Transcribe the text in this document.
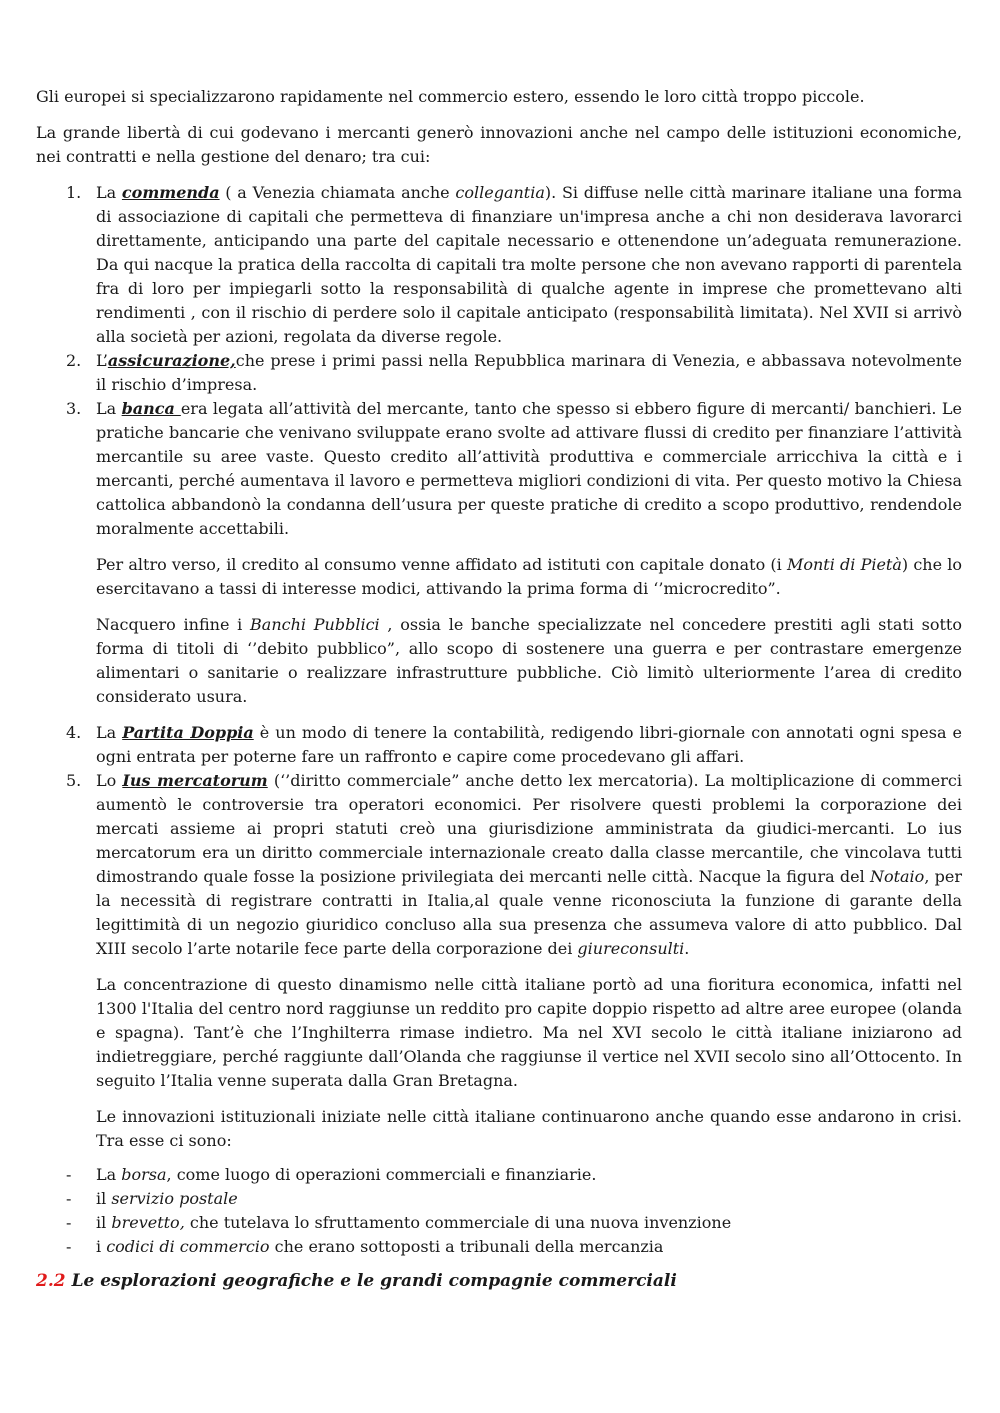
Gli europei si specializzarono rapidamente nel commercio estero, essendo le loro città troppo piccole.

La grande libertà di cui godevano i mercanti generò innovazioni anche nel campo delle istituzioni economiche, nei contratti e nella gestione del denaro; tra cui:

1. La commenda ( a Venezia chiamata anche collegantia). Si diffuse nelle città marinare italiane una forma di associazione di capitali che permetteva di finanziare un'impresa anche a chi non desiderava lavorarci direttamente, anticipando una parte del capitale necessario e ottenendone un’adeguata remunerazione. Da qui nacque la pratica della raccolta di capitali tra molte persone che non avevano rapporti di parentela fra di loro per impiegarli sotto la responsabilità di qualche agente in imprese che promettevano alti rendimenti , con il rischio di perdere solo il capitale anticipato (responsabilità limitata). Nel XVII si arrivò alla società per azioni, regolata da diverse regole.
2. L’assicurazione,che prese i primi passi nella Repubblica marinara di Venezia, e abbassava notevolmente il rischio d’impresa.
3. La banca era legata all’attività del mercante, tanto che spesso si ebbero figure di mercanti/ banchieri. Le pratiche bancarie che venivano sviluppate erano svolte ad attivare flussi di credito per finanziare l’attività mercantile su aree vaste. Questo credito all’attività produttiva e commerciale arricchiva la città e i mercanti, perché aumentava il lavoro e permetteva migliori condizioni di vita. Per questo motivo la Chiesa cattolica abbandonò la condanna dell’usura per queste pratiche di credito a scopo produttivo, rendendole moralmente accettabili.

Per altro verso, il credito al consumo venne affidato ad istituti con capitale donato (i Monti di Pietà) che lo esercitavano a tassi di interesse modici, attivando la prima forma di ‘’microcredito”.

Nacquero infine i Banchi Pubblici , ossia le banche specializzate nel concedere prestiti agli stati sotto forma di titoli di ‘’debito pubblico”, allo scopo di sostenere una guerra e per contrastare emergenze alimentari o sanitarie o realizzare infrastrutture pubbliche. Ciò limitò ulteriormente l’area di credito considerato usura.

4. La Partita Doppia è un modo di tenere la contabilità, redigendo libri-giornale con annotati ogni spesa e ogni entrata per poterne fare un raffronto e capire come procedevano gli affari.
5. Lo Ius mercatorum (‘’diritto commerciale” anche detto lex mercatoria). La moltiplicazione di commerci aumentò le controversie tra operatori economici. Per risolvere questi problemi la corporazione dei mercati assieme ai propri statuti creò una giurisdizione amministrata da giudici-mercanti. Lo ius mercatorum era un diritto commerciale internazionale creato dalla classe mercantile, che vincolava tutti dimostrando quale fosse la posizione privilegiata dei mercanti nelle città. Nacque la figura del Notaio, per la necessità di registrare contratti in Italia,al quale venne riconosciuta la funzione di garante della legittimità di un negozio giuridico concluso alla sua presenza che assumeva valore di atto pubblico. Dal XIII secolo l’arte notarile fece parte della corporazione dei giureconsulti.

La concentrazione di questo dinamismo nelle città italiane portò ad una fioritura economica, infatti nel 1300 l'Italia del centro nord raggiunse un reddito pro capite doppio rispetto ad altre aree europee (olanda e spagna). Tant’è che l’Inghilterra rimase indietro. Ma nel XVI secolo le città italiane iniziarono ad indietreggiare, perché raggiunte dall’Olanda che raggiunse il vertice nel XVII secolo sino all’Ottocento. In seguito l’Italia venne superata dalla Gran Bretagna.

Le innovazioni istituzionali iniziate nelle città italiane continuarono anche quando esse andarono in crisi. Tra esse ci sono:

- La borsa, come luogo di operazioni commerciali e finanziarie.
- il servizio postale
- il brevetto, che tutelava lo sfruttamento commerciale di una nuova invenzione
- i codici di commercio che erano sottoposti a tribunali della mercanzia
2.2 Le esplorazioni geografiche e le grandi compagnie commerciali
